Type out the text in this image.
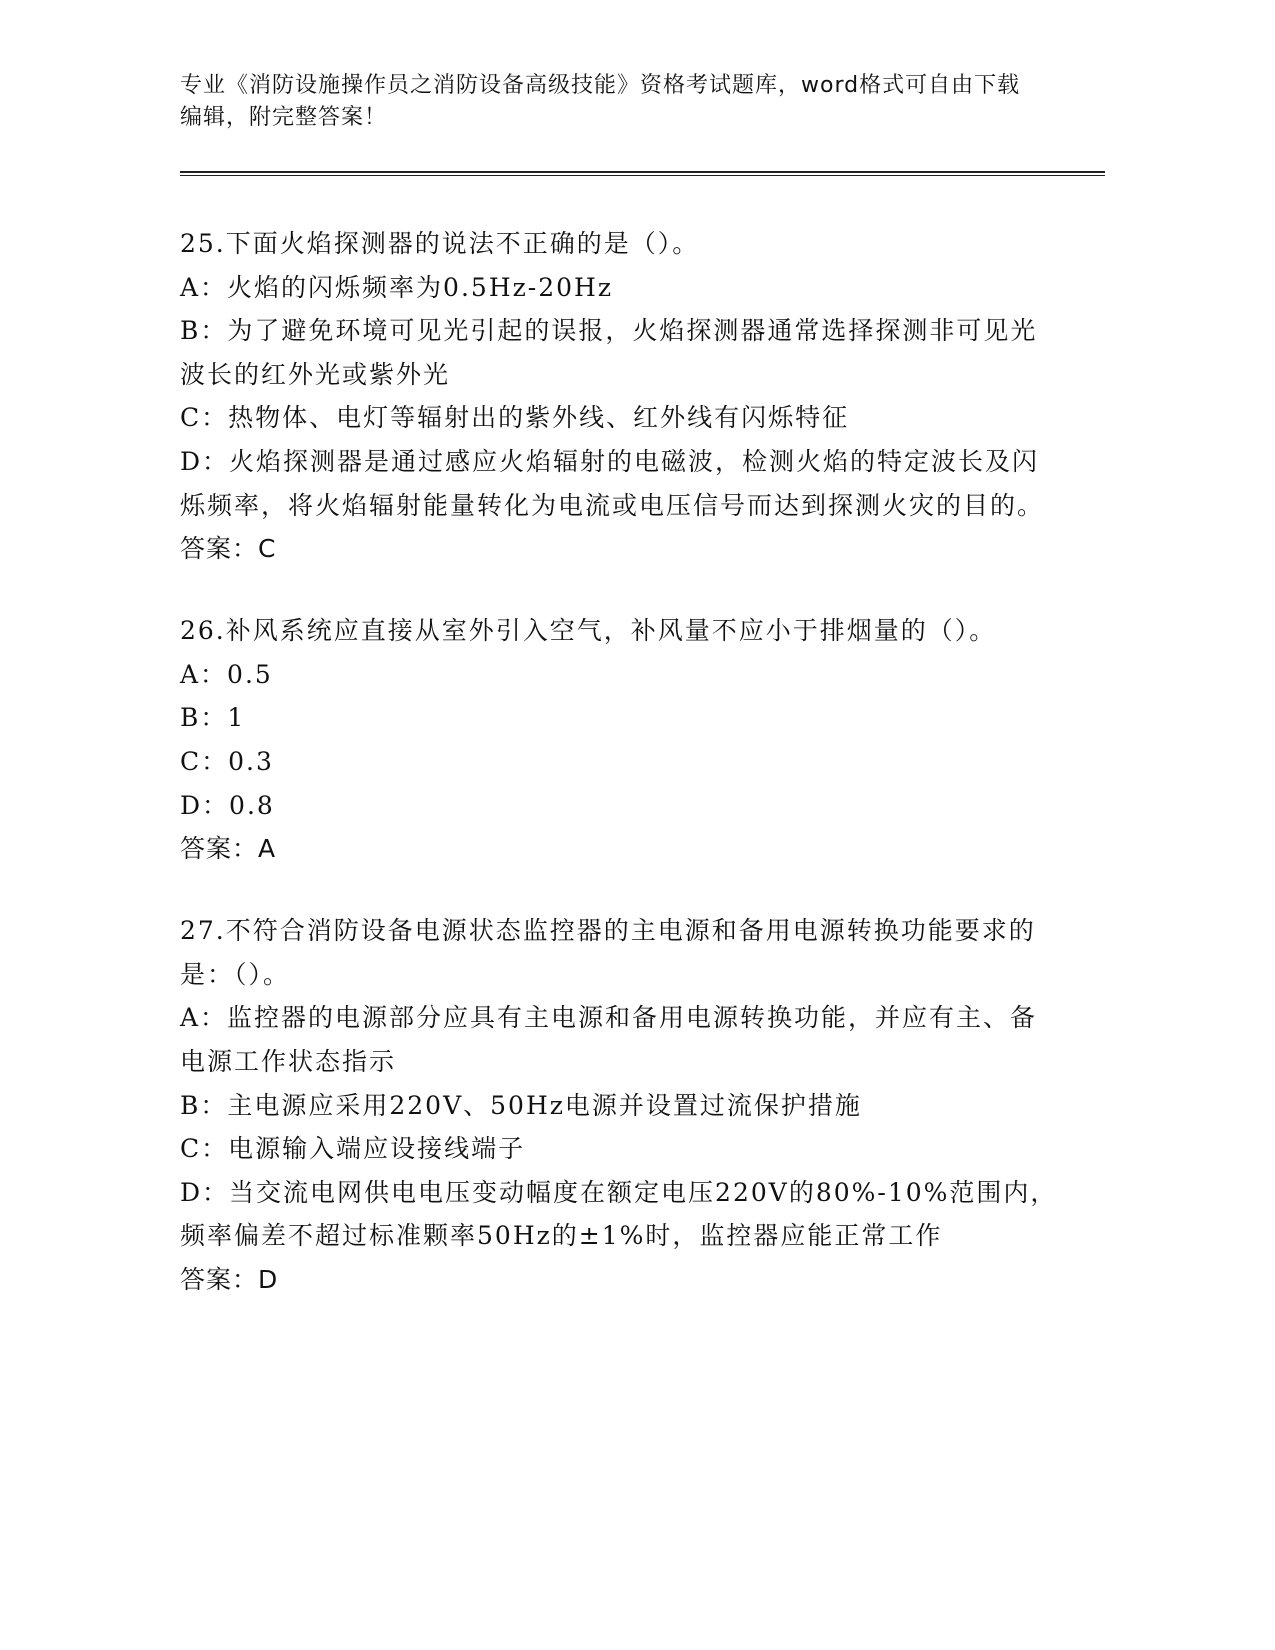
专业《消防设施操作员之消防设备高级技能》资格考试题库，word格式可自由下载编辑，附完整答案！

25.下面火焰探测器的说法不正确的是（）。

A：火焰的闪烁频率为0.5Hz-20Hz

B：为了避免环境可见光引起的误报，火焰探测器通常选择探测非可见光波长的红外光或紫外光

C：热物体、电灯等辐射出的紫外线、红外线有闪烁特征

D：火焰探测器是通过感应火焰辐射的电磁波，检测火焰的特定波长及闪烁频率，将火焰辐射能量转化为电流或电压信号而达到探测火灾的目的。

答案：C

26.补风系统应直接从室外引入空气，补风量不应小于排烟量的（）。

A：0.5

B：1

C：0.3

D：0.8

答案：A

27.不符合消防设备电源状态监控器的主电源和备用电源转换功能要求的是：（）。

A：监控器的电源部分应具有主电源和备用电源转换功能，并应有主、备电源工作状态指示

B：主电源应采用220V、50Hz电源并设置过流保护措施

C：电源输入端应设接线端子

D：当交流电网供电电压变动幅度在额定电压220V的80%-10%范围内，频率偏差不超过标准颗率50Hz的±1%时，监控器应能正常工作

答案：D
